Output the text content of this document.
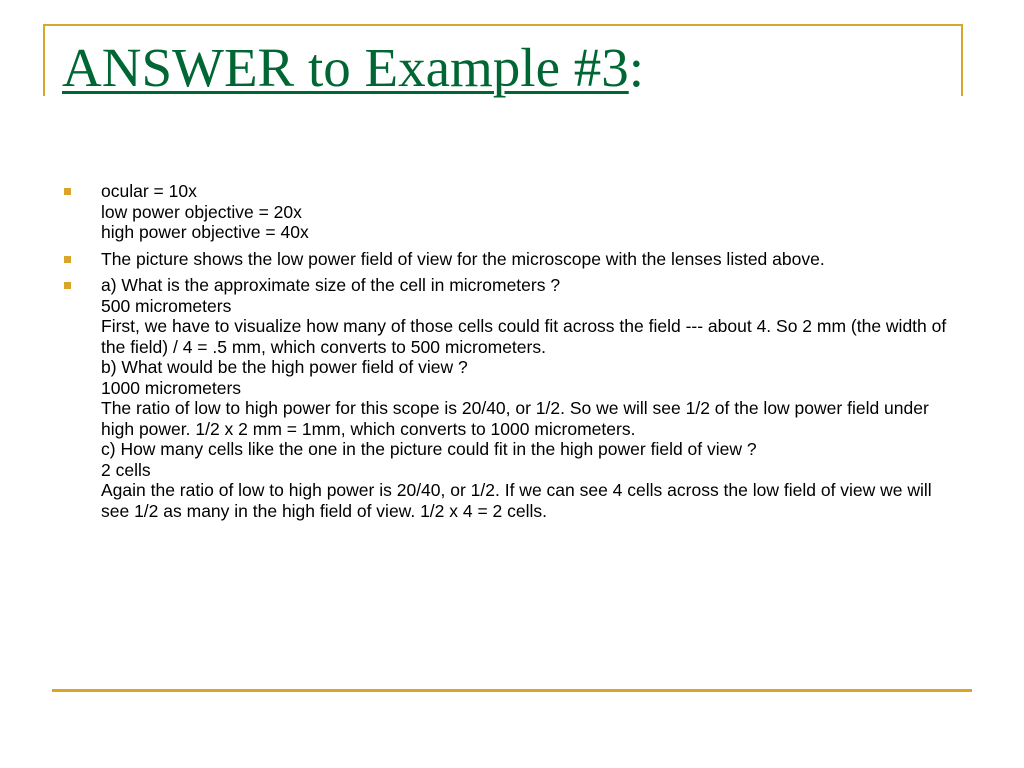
ANSWER to Example #3:
ocular = 10x
low power objective = 20x
high power objective = 40x
The picture shows the low power field of view for the microscope with the lenses listed above.
a) What is the approximate size of the cell in micrometers ?
500 micrometers
First, we have to visualize how many of those cells could fit across the field --- about 4. So 2 mm (the width of the field) / 4 = .5 mm, which converts to 500 micrometers.
b) What would be the high power field of view ?
1000 micrometers
The ratio of low to high power for this scope is 20/40, or 1/2. So we will see 1/2 of the low power field under high power. 1/2 x 2 mm = 1mm, which converts to 1000 micrometers.
c) How many cells like the one in the picture could fit in the high power field of view ?
2 cells
Again the ratio of low to high power is 20/40, or 1/2. If we can see 4 cells across the low field of view we will see 1/2 as many in the high field of view. 1/2 x 4 = 2 cells.
